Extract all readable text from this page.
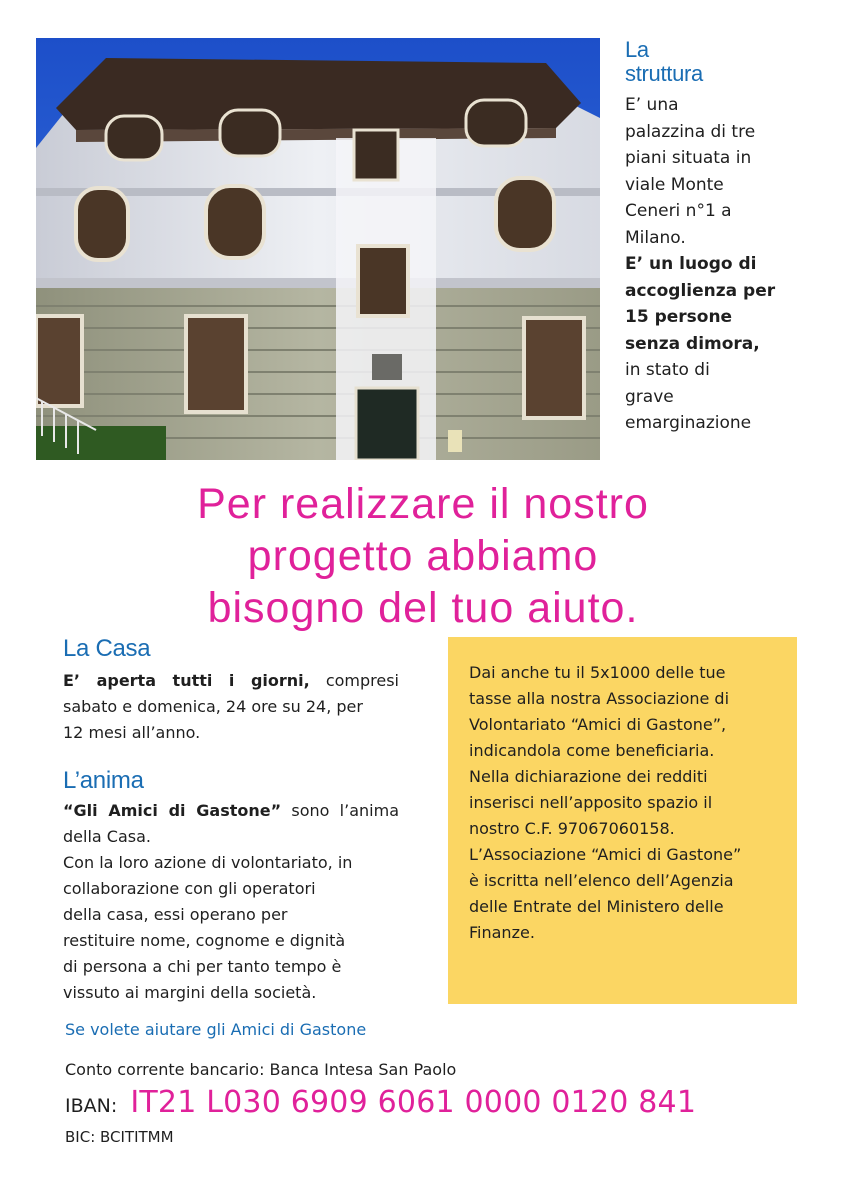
La
struttura
E’ una
palazzina di tre
piani situata in
viale Monte
Ceneri n°1 a
Milano.
E’ un luogo di
accoglienza per
15 persone
senza dimora,
in stato di
grave
emarginazione
Per realizzare il nostro
progetto abbiamo
bisogno del tuo aiuto.
La Casa
E’ aperta tutti i giorni, compresi
sabato e domenica, 24 ore su 24, per
12 mesi all’anno.
L’anima
“Gli Amici di Gastone” sono l’anima
della Casa.
Con la loro azione di volontariato, in
collaborazione con gli operatori
della casa, essi operano per
restituire nome, cognome e dignità
di persona a chi per tanto tempo è
vissuto ai margini della società.
Dai anche tu il 5x1000 delle tue
tasse alla nostra Associazione di
Volontariato “Amici di Gastone”,
indicandola come beneficiaria.
Nella dichiarazione dei redditi
inserisci nell’apposito spazio il
nostro C.F. 97067060158.
L’Associazione “Amici di Gastone”
è iscritta nell’elenco dell’Agenzia
delle Entrate del Ministero delle
Finanze.
Se volete aiutare gli Amici di Gastone
Conto corrente bancario: Banca Intesa San Paolo
IBAN: IT21 L030 6909 6061 0000 0120 841
BIC: BCITITMM
